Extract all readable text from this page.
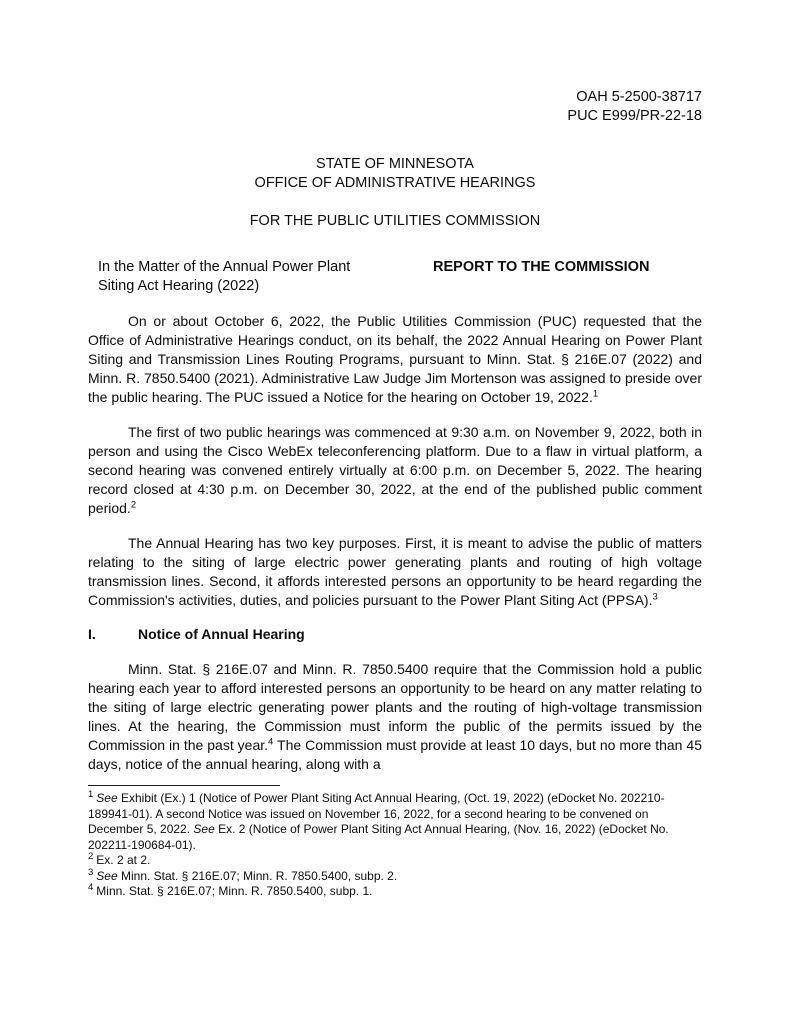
OAH 5-2500-38717
PUC E999/PR-22-18
STATE OF MINNESOTA
OFFICE OF ADMINISTRATIVE HEARINGS
FOR THE PUBLIC UTILITIES COMMISSION
In the Matter of the Annual Power Plant
Siting Act Hearing (2022)
REPORT TO THE COMMISSION

On or about October 6, 2022, the Public Utilities Commission (PUC) requested that the Office of Administrative Hearings conduct, on its behalf, the 2022 Annual Hearing on Power Plant Siting and Transmission Lines Routing Programs, pursuant to Minn. Stat. § 216E.07 (2022) and Minn. R. 7850.5400 (2021). Administrative Law Judge Jim Mortenson was assigned to preside over the public hearing. The PUC issued a Notice for the hearing on October 19, 2022.$^1$

The first of two public hearings was commenced at 9:30 a.m. on November 9, 2022, both in person and using the Cisco WebEx teleconferencing platform. Due to a flaw in virtual platform, a second hearing was convened entirely virtually at 6:00 p.m. on December 5, 2022. The hearing record closed at 4:30 p.m. on December 30, 2022, at the end of the published public comment period.$^2$

The Annual Hearing has two key purposes. First, it is meant to advise the public of matters relating to the siting of large electric power generating plants and routing of high voltage transmission lines. Second, it affords interested persons an opportunity to be heard regarding the Commission's activities, duties, and policies pursuant to the Power Plant Siting Act (PPSA).$^3$

I.	Notice of Annual Hearing

Minn. Stat. § 216E.07 and Minn. R. 7850.5400 require that the Commission hold a public hearing each year to afford interested persons an opportunity to be heard on any matter relating to the siting of large electric generating power plants and the routing of high-voltage transmission lines. At the hearing, the Commission must inform the public of the permits issued by the Commission in the past year.$^4$ The Commission must provide at least 10 days, but no more than 45 days, notice of the annual hearing, along with a

$^1$ See Exhibit (Ex.) 1 (Notice of Power Plant Siting Act Annual Hearing, (Oct. 19, 2022) (eDocket No. 202210-189941-01). A second Notice was issued on November 16, 2022, for a second hearing to be convened on December 5, 2022. See Ex. 2 (Notice of Power Plant Siting Act Annual Hearing, (Nov. 16, 2022) (eDocket No. 202211-190684-01).

$^2$ Ex. 2 at 2.

$^3$ See Minn. Stat. § 216E.07; Minn. R. 7850.5400, subp. 2.

$^4$ Minn. Stat. § 216E.07; Minn. R. 7850.5400, subp. 1.
